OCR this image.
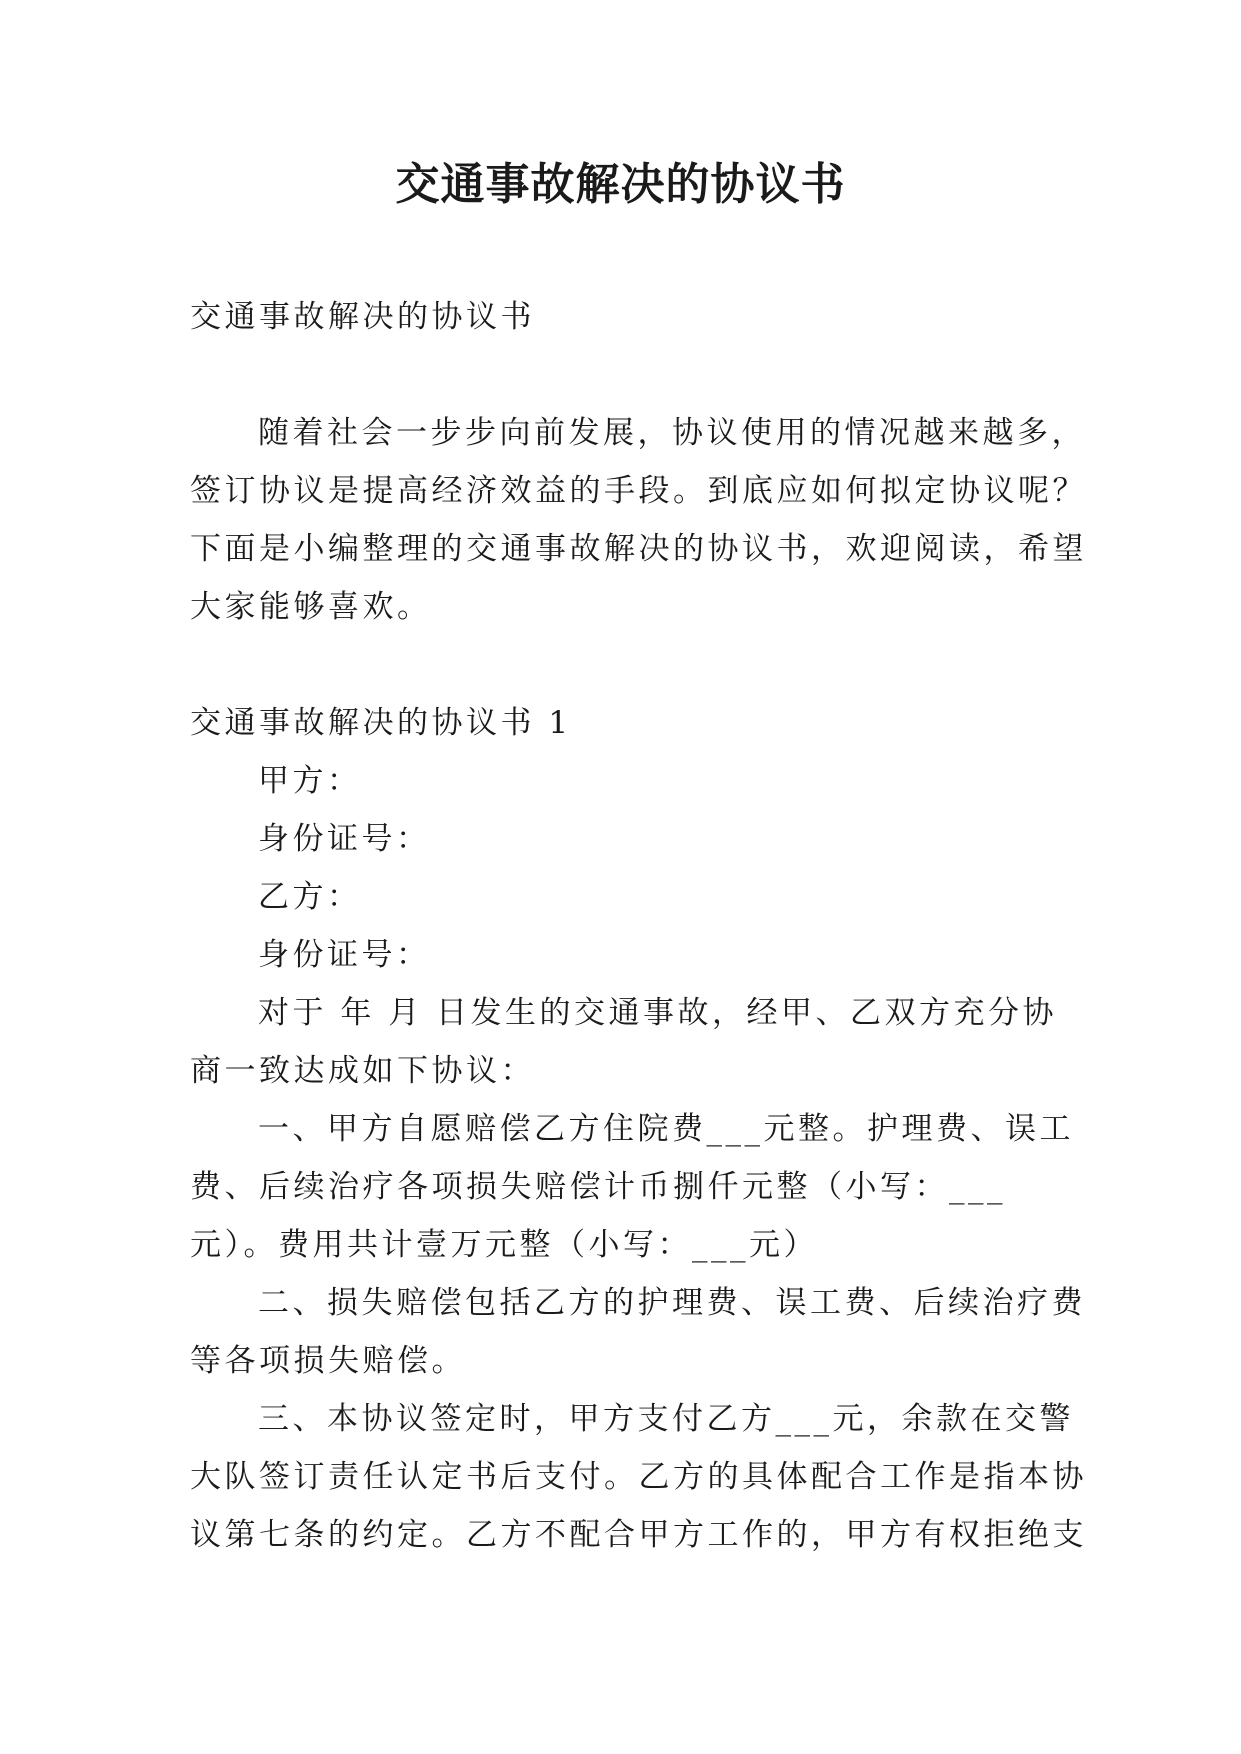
交通事故解决的协议书
交通事故解决的协议书
随着社会一步步向前发展，协议使用的情况越来越多，签订协议是提高经济效益的手段。到底应如何拟定协议呢？下面是小编整理的交通事故解决的协议书，欢迎阅读，希望大家能够喜欢。

交通事故解决的协议书 1

甲方：

身份证号：

乙方：

身份证号：

对于 年 月 日发生的交通事故，经甲、乙双方充分协商一致达成如下协议：

一、甲方自愿赔偿乙方住院费___元整。护理费、误工费、后续治疗各项损失赔偿计币捌仟元整（小写：___元）。费用共计壹万元整（小写：___元）

二、损失赔偿包括乙方的护理费、误工费、后续治疗费等各项损失赔偿。

三、本协议签定时，甲方支付乙方___元，余款在交警大队签订责任认定书后支付。乙方的具体配合工作是指本协议第七条的约定。乙方不配合甲方工作的，甲方有权拒绝支
